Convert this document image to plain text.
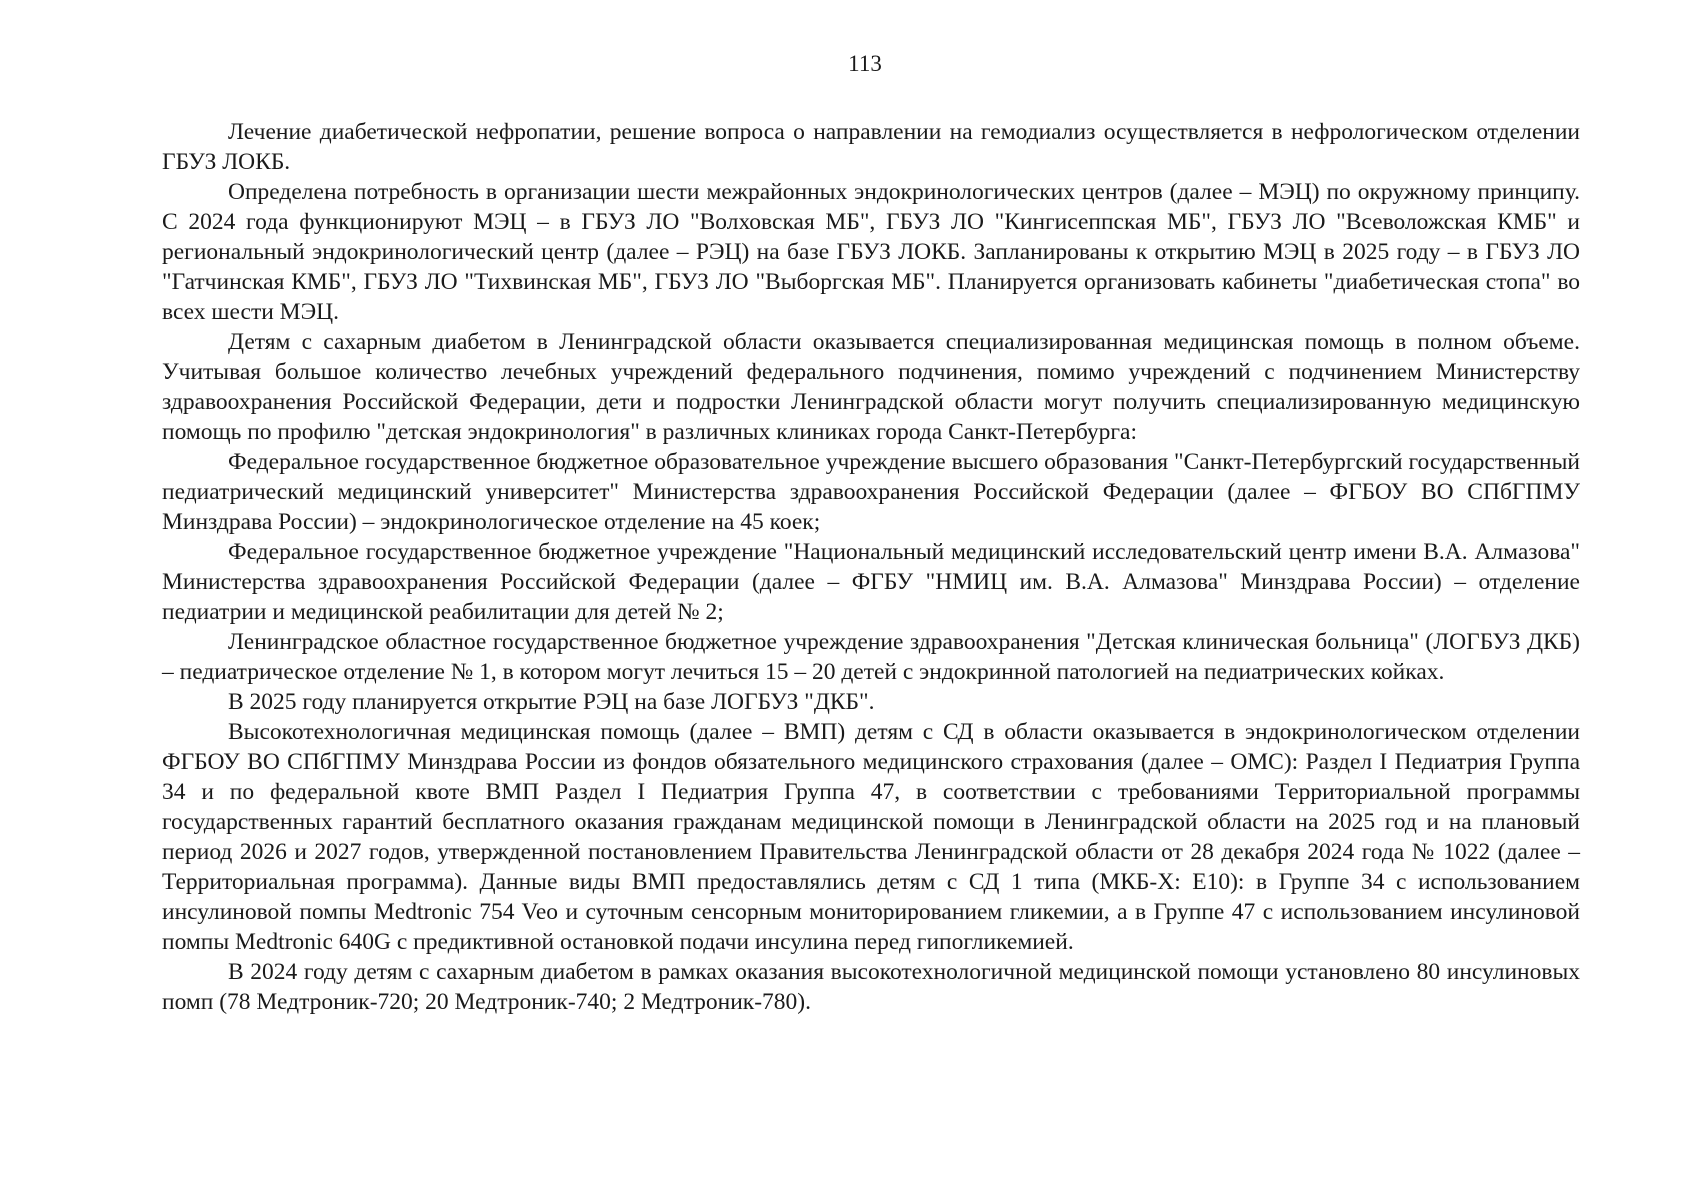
113

Лечение диабетической нефропатии, решение вопроса о направлении на гемодиализ осуществляется в нефрологическом отделении ГБУЗ ЛОКБ.

Определена потребность в организации шести межрайонных эндокринологических центров (далее – МЭЦ) по окружному принципу. С 2024 года функционируют МЭЦ – в ГБУЗ ЛО "Волховская МБ", ГБУЗ ЛО "Кингисеппская МБ", ГБУЗ ЛО "Всеволожская КМБ" и региональный эндокринологический центр (далее – РЭЦ) на базе ГБУЗ ЛОКБ. Запланированы к открытию МЭЦ в 2025 году – в ГБУЗ ЛО "Гатчинская КМБ", ГБУЗ ЛО "Тихвинская МБ", ГБУЗ ЛО "Выборгская МБ". Планируется организовать кабинеты "диабетическая стопа" во всех шести МЭЦ.

Детям с сахарным диабетом в Ленинградской области оказывается специализированная медицинская помощь в полном объеме. Учитывая большое количество лечебных учреждений федерального подчинения, помимо учреждений с подчинением Министерству здравоохранения Российской Федерации, дети и подростки Ленинградской области могут получить специализированную медицинскую помощь по профилю "детская эндокринология" в различных клиниках города Санкт-Петербурга:

Федеральное государственное бюджетное образовательное учреждение высшего образования "Санкт-Петербургский государственный педиатрический медицинский университет" Министерства здравоохранения Российской Федерации (далее – ФГБОУ ВО СПбГПМУ Минздрава России) – эндокринологическое отделение на 45 коек;

Федеральное государственное бюджетное учреждение "Национальный медицинский исследовательский центр имени В.А. Алмазова" Министерства здравоохранения Российской Федерации (далее – ФГБУ "НМИЦ им. В.А. Алмазова" Минздрава России) – отделение педиатрии и медицинской реабилитации для детей № 2;

Ленинградское областное государственное бюджетное учреждение здравоохранения "Детская клиническая больница" (ЛОГБУЗ ДКБ) – педиатрическое отделение № 1, в котором могут лечиться 15 – 20 детей с эндокринной патологией на педиатрических койках.

В 2025 году планируется открытие РЭЦ на базе ЛОГБУЗ "ДКБ".

Высокотехнологичная медицинская помощь (далее – ВМП) детям с СД в области оказывается в эндокринологическом отделении ФГБОУ ВО СПбГПМУ Минздрава России из фондов обязательного медицинского страхования (далее – ОМС): Раздел I Педиатрия Группа 34 и по федеральной квоте ВМП Раздел I Педиатрия Группа 47, в соответствии с требованиями Территориальной программы государственных гарантий бесплатного оказания гражданам медицинской помощи в Ленинградской области на 2025 год и на плановый период 2026 и 2027 годов, утвержденной постановлением Правительства Ленинградской области от 28 декабря 2024 года № 1022 (далее – Территориальная программа). Данные виды ВМП предоставлялись детям с СД 1 типа (МКБ-Х: Е10): в Группе 34 с использованием инсулиновой помпы Medtronic 754 Veo и суточным сенсорным мониторированием гликемии, а в Группе 47 с использованием инсулиновой помпы Medtronic 640G с предиктивной остановкой подачи инсулина перед гипогликемией.

В 2024 году детям с сахарным диабетом в рамках оказания высокотехнологичной медицинской помощи установлено 80 инсулиновых помп (78 Медтроник-720; 20 Медтроник-740; 2 Медтроник-780).
